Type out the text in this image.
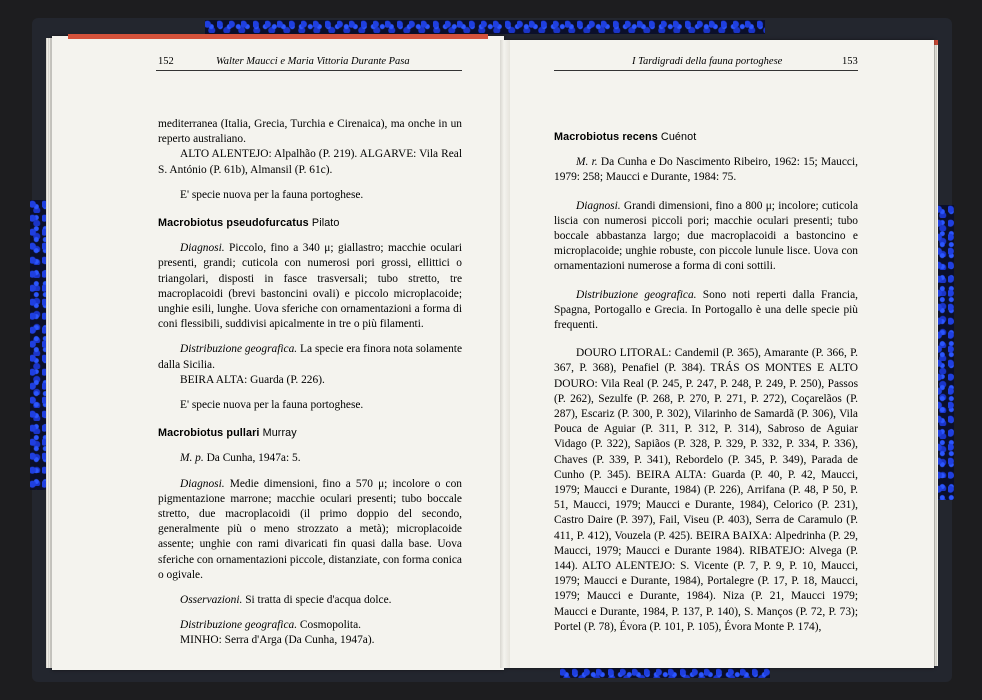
152	Walter Maucci e Maria Vittoria Durante Pasa

mediterranea (Italia, Grecia, Turchia e Cirenaica), ma onche in un reperto australiano.

ALTO ALENTEJO: Alpalhão (P. 219). ALGARVE: Vila Real S. António (P. 61b), Almansil (P. 61c).

E' specie nuova per la fauna portoghese.

Macrobiotus pseudofurcatus Pilato

Diagnosi. Piccolo, fino a 340 μ; giallastro; macchie oculari presenti, grandi; cuticola con numerosi pori grossi, ellittici o triangolari, disposti in fasce trasversali; tubo stretto, tre macroplacoidi (brevi bastoncini ovali) e piccolo microplacoide; unghie esili, lunghe. Uova sferiche con ornamentazioni a forma di coni flessibili, suddivisi apicalmente in tre o più filamenti.

Distribuzione geografica. La specie era finora nota solamente dalla Sicilia.

BEIRA ALTA: Guarda (P. 226).

E' specie nuova per la fauna portoghese.

Macrobiotus pullari Murray

M. p. Da Cunha, 1947a: 5.

Diagnosi. Medie dimensioni, fino a 570 μ; incolore o con pigmentazione marrone; macchie oculari presenti; tubo boccale stretto, due macroplacoidi (il primo doppio del secondo, generalmente più o meno strozzato a metà); microplacoide assente; unghie con rami divaricati fin quasi dalla base. Uova sferiche con ornamentazioni piccole, distanziate, con forma conica o ogivale.

Osservazioni. Si tratta di specie d'acqua dolce.

Distribuzione geografica. Cosmopolita.

MINHO: Serra d'Arga (Da Cunha, 1947a).

I Tardigradi della fauna portoghese	153

Macrobiotus recens Cuénot

M. r. Da Cunha e Do Nascimento Ribeiro, 1962: 15; Maucci, 1979: 258; Maucci e Durante, 1984: 75.

Diagnosi. Grandi dimensioni, fino a 800 μ; incolore; cuticola liscia con numerosi piccoli pori; macchie oculari presenti; tubo boccale abbastanza largo; due macroplacoidi a bastoncino e microplacoide; unghie robuste, con piccole lunule lisce. Uova con ornamentazioni numerose a forma di coni sottili.

Distribuzione geografica. Sono noti reperti dalla Francia, Spagna, Portogallo e Grecia. In Portogallo è una delle specie più frequenti.

DOURO LITORAL: Candemil (P. 365), Amarante (P. 366, P. 367, P. 368), Penafiel (P. 384). TRÁS OS MONTES E ALTO DOURO: Vila Real (P. 245, P. 247, P. 248, P. 249, P. 250), Passos (P. 262), Sezulfe (P. 268, P. 270, P. 271, P. 272), Coçarelãos (P. 287), Escariz (P. 300, P. 302), Vilarinho de Samardã (P. 306), Vila Pouca de Aguiar (P. 311, P. 312, P. 314), Sabroso de Aguiar Vidago (P. 322), Sapiãos (P. 328, P. 329, P. 332, P. 334, P. 336), Chaves (P. 339, P. 341), Rebordelo (P. 345, P. 349), Parada de Cunho (P. 345). BEIRA ALTA: Guarda (P. 40, P. 42, Maucci, 1979; Maucci e Durante, 1984) (P. 226), Arrifana (P. 48, P 50, P. 51, Maucci, 1979; Maucci e Durante, 1984), Celorico (P. 231), Castro Daire (P. 397), Fail, Viseu (P. 403), Serra de Caramulo (P. 411, P. 412), Vouzela (P. 425). BEIRA BAIXA: Alpedrinha (P. 29, Maucci, 1979; Maucci e Durante 1984). RIBATEJO: Alvega (P. 144). ALTO ALENTEJO: S. Vicente (P. 7, P. 9, P. 10, Maucci, 1979; Maucci e Durante, 1984), Portalegre (P. 17, P. 18, Maucci, 1979; Maucci e Durante, 1984). Niza (P. 21, Maucci 1979; Maucci e Durante, 1984, P. 137, P. 140), S. Manços (P. 72, P. 73); Portel (P. 78), Évora (P. 101, P. 105), Évora Monte P. 174),
